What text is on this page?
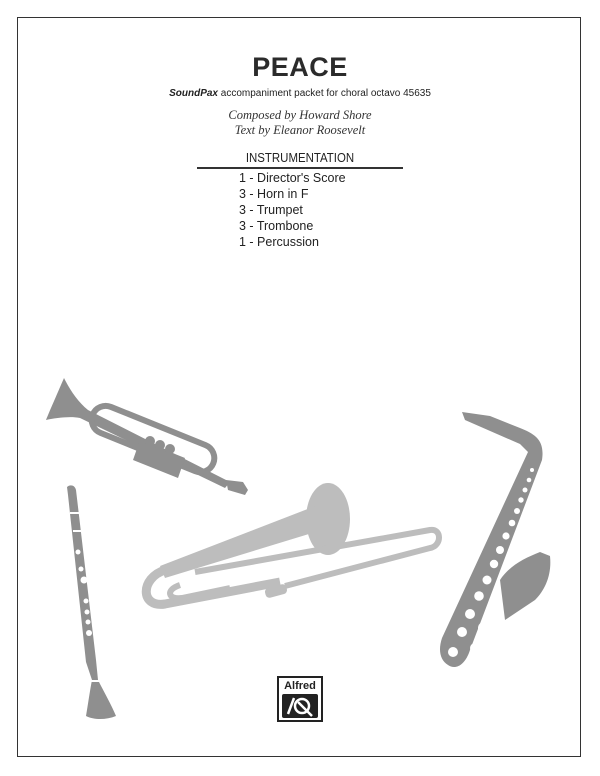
PEACE
SoundPax accompaniment packet for choral octavo 45635
Composed by Howard Shore
Text by Eleanor Roosevelt
INSTRUMENTATION
1 - Director's Score
3 - Horn in F
3 - Trumpet
3 - Trombone
1 - Percussion
Alfred
